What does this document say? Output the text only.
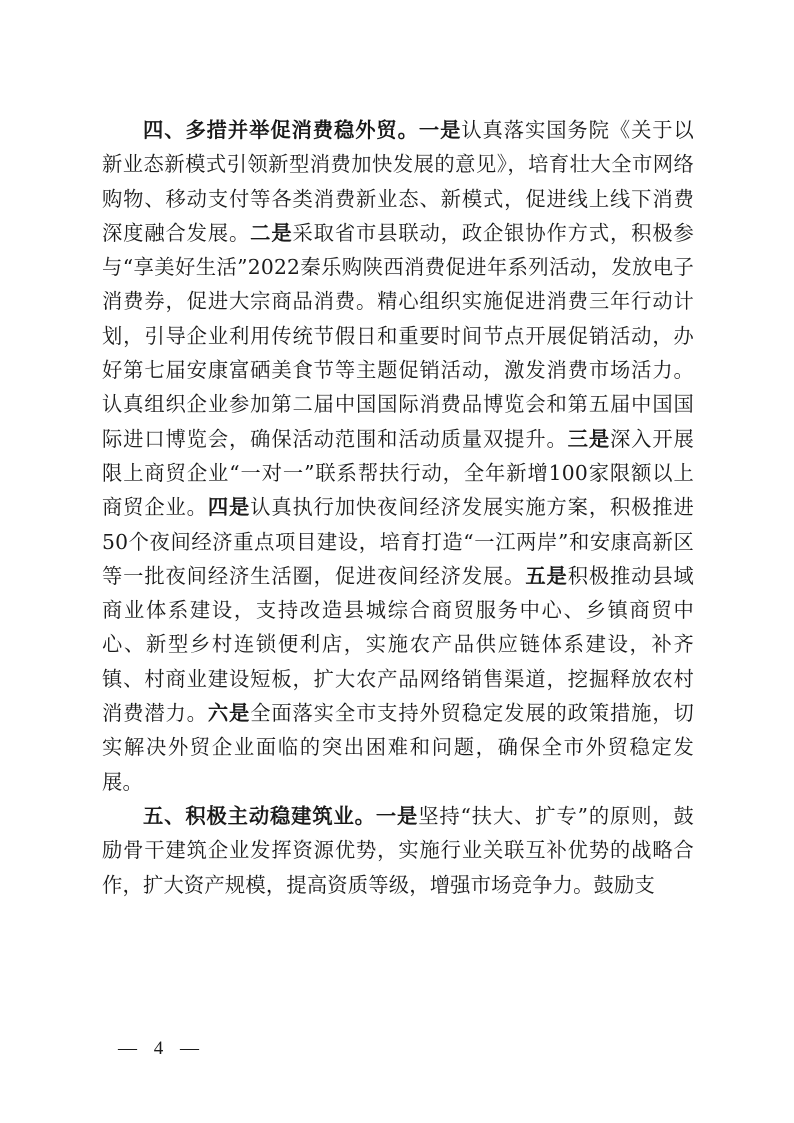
四、多措并举促消费稳外贸。一是认真落实国务院《关于以新业态新模式引领新型消费加快发展的意见》，培育壮大全市网络购物、移动支付等各类消费新业态、新模式，促进线上线下消费深度融合发展。二是采取省市县联动，政企银协作方式，积极参与“享美好生活”2022秦乐购陕西消费促进年系列活动，发放电子消费券，促进大宗商品消费。精心组织实施促进消费三年行动计划，引导企业利用传统节假日和重要时间节点开展促销活动，办好第七届安康富硒美食节等主题促销活动，激发消费市场活力。认真组织企业参加第二届中国国际消费品博览会和第五届中国国际进口博览会，确保活动范围和活动质量双提升。三是深入开展限上商贸企业“一对一”联系帮扶行动，全年新增100家限额以上商贸企业。四是认真执行加快夜间经济发展实施方案，积极推进50个夜间经济重点项目建设，培育打造“一江两岸”和安康高新区等一批夜间经济生活圈，促进夜间经济发展。五是积极推动县域商业体系建设，支持改造县城综合商贸服务中心、乡镇商贸中心、新型乡村连锁便利店，实施农产品供应链体系建设，补齐镇、村商业建设短板，扩大农产品网络销售渠道，挖掘释放农村消费潜力。六是全面落实全市支持外贸稳定发展的政策措施，切实解决外贸企业面临的突出困难和问题，确保全市外贸稳定发展。

五、积极主动稳建筑业。一是坚持“扶大、扩专”的原则，鼓励骨干建筑企业发挥资源优势，实施行业关联互补优势的战略合作，扩大资产规模，提高资质等级，增强市场竞争力。鼓励支

— 4 —
